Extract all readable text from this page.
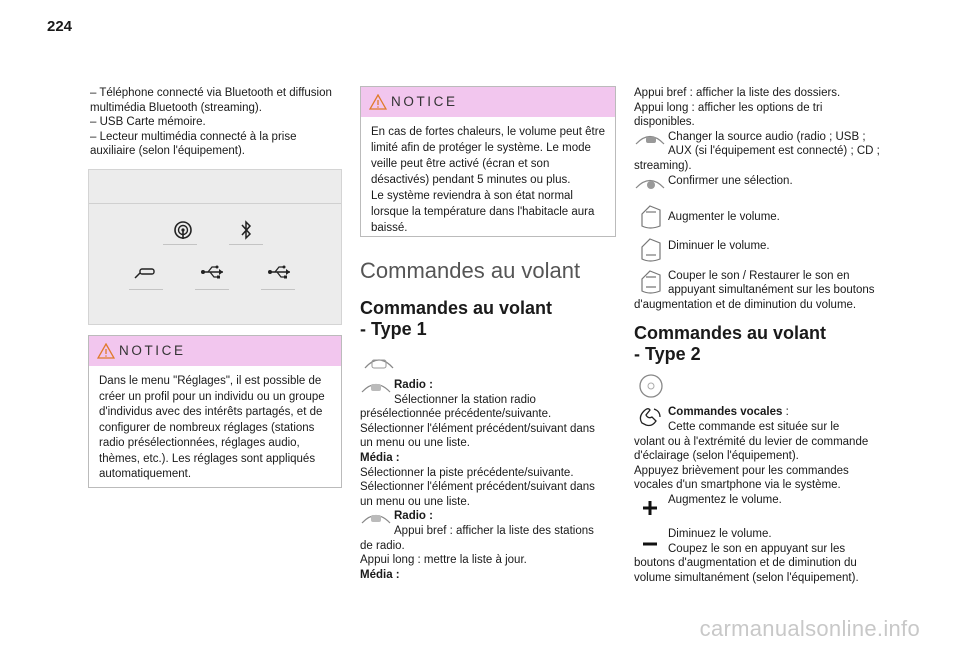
224
– Téléphone connecté via Bluetooth et diffusion
multimédia Bluetooth (streaming).
– USB Carte mémoire.
– Lecteur multimédia connecté à la prise
auxiliaire (selon l'équipement).
NOTICE
Dans le menu "Réglages", il est possible de
créer un profil pour un individu ou un groupe
d'individus avec des intérêts partagés, et de
configurer de nombreux réglages (stations
radio présélectionnées, réglages audio,
thèmes, etc.). Les réglages sont appliqués
automatiquement.
NOTICE
En cas de fortes chaleurs, le volume peut être
limité afin de protéger le système. Le mode
veille peut être activé (écran et son
désactivés) pendant 5 minutes ou plus.
Le système reviendra à son état normal
lorsque la température dans l'habitacle aura
baissé.
Commandes au volant
Commandes au volant
- Type 1
Radio :
Sélectionner la station radio
présélectionnée précédente/suivante.
Sélectionner l'élément précédent/suivant dans
un menu ou une liste.
Média :
Sélectionner la piste précédente/suivante.
Sélectionner l'élément précédent/suivant dans
un menu ou une liste.
Radio :
Appui bref : afficher la liste des stations
de radio.
Appui long : mettre la liste à jour.
Média :
Appui bref : afficher la liste des dossiers.
Appui long : afficher les options de tri
disponibles.
Changer la source audio (radio ; USB ;
AUX (si l'équipement est connecté) ; CD ;
streaming).
Confirmer une sélection.
Augmenter le volume.
Diminuer le volume.
Couper le son / Restaurer le son en
appuyant simultanément sur les boutons
d'augmentation et de diminution du volume.
Commandes au volant
- Type 2
Commandes vocales :
Cette commande est située sur le
volant ou à l'extrémité du levier de commande
d'éclairage (selon l'équipement).
Appuyez brièvement pour les commandes
vocales d'un smartphone via le système.
Augmentez le volume.
Diminuez le volume.
Coupez le son en appuyant sur les
boutons d'augmentation et de diminution du
volume simultanément (selon l'équipement).
carmanualsonline.info
